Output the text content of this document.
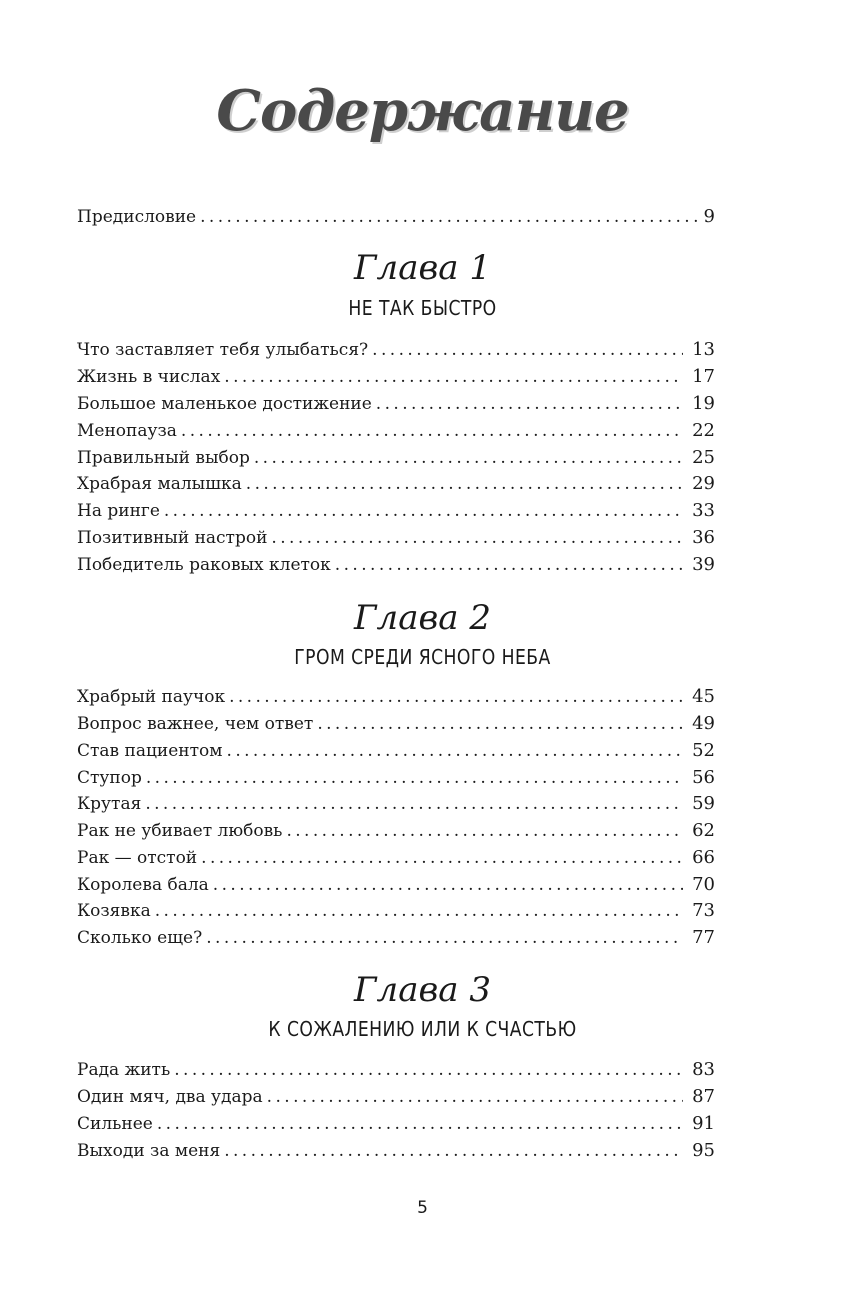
Содержание
Предисловие .....	9
Глава 1
НЕ ТАК БЫСТРО
Что заставляет тебя улыбаться? .....	13
Жизнь в числах .....	17
Большое маленькое достижение .....	19
Менопауза .....	22
Правильный выбор .....	25
Храбрая малышка .....	29
На ринге .....	33
Позитивный настрой .....	36
Победитель раковых клеток .....	39
Глава 2
ГРОМ СРЕДИ ЯСНОГО НЕБА
Храбрый паучок .....	45
Вопрос важнее, чем ответ .....	49
Став пациентом .....	52
Ступор .....	56
Крутая .....	59
Рак не убивает любовь .....	62
Рак — отстой .....	66
Королева бала .....	70
Козявка .....	73
Сколько еще? .....	77
Глава 3
К СОЖАЛЕНИЮ ИЛИ К СЧАСТЬЮ
Рада жить .....	83
Один мяч, два удара .....	87
Сильнее .....	91
Выходи за меня .....	95
5
